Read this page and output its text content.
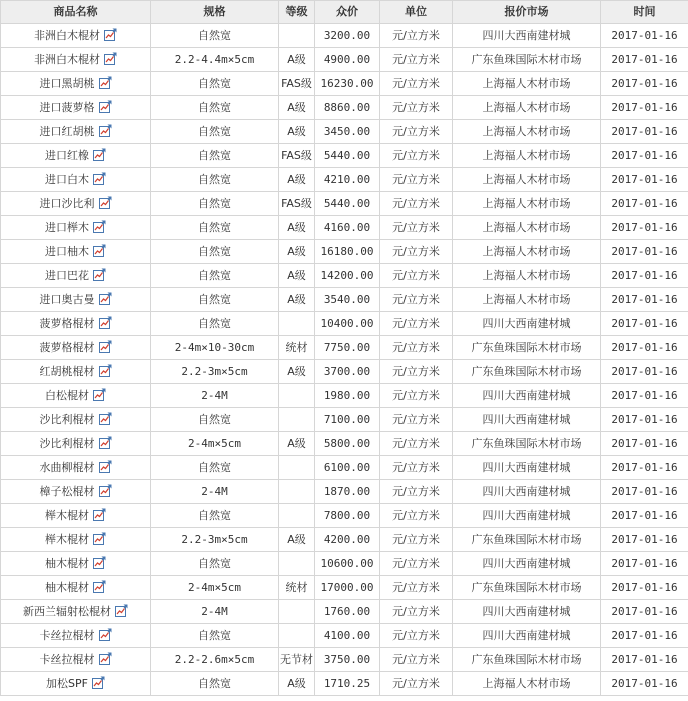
商品名称	规格	等级	众价	单位	报价市场	时间
非洲白木棍材	自然宽		3200.00	元/立方米	四川大西南建材城	2017-01-16
非洲白木棍材	2.2-4.4m×5cm	A级	4900.00	元/立方米	广东鱼珠国际木材市场	2017-01-16
进口黑胡桃	自然宽	FAS级	16230.00	元/立方米	上海福人木材市场	2017-01-16
进口菠萝格	自然宽	A级	8860.00	元/立方米	上海福人木材市场	2017-01-16
进口红胡桃	自然宽	A级	3450.00	元/立方米	上海福人木材市场	2017-01-16
进口红橡	自然宽	FAS级	5440.00	元/立方米	上海福人木材市场	2017-01-16
进口白木	自然宽	A级	4210.00	元/立方米	上海福人木材市场	2017-01-16
进口沙比利	自然宽	FAS级	5440.00	元/立方米	上海福人木材市场	2017-01-16
进口榉木	自然宽	A级	4160.00	元/立方米	上海福人木材市场	2017-01-16
进口柚木	自然宽	A级	16180.00	元/立方米	上海福人木材市场	2017-01-16
进口巴花	自然宽	A级	14200.00	元/立方米	上海福人木材市场	2017-01-16
进口奥古曼	自然宽	A级	3540.00	元/立方米	上海福人木材市场	2017-01-16
菠萝格棍材	自然宽		10400.00	元/立方米	四川大西南建材城	2017-01-16
菠萝格棍材	2-4m×10-30cm	统材	7750.00	元/立方米	广东鱼珠国际木材市场	2017-01-16
红胡桃棍材	2.2-3m×5cm	A级	3700.00	元/立方米	广东鱼珠国际木材市场	2017-01-16
白松棍材	2-4M		1980.00	元/立方米	四川大西南建材城	2017-01-16
沙比利棍材	自然宽		7100.00	元/立方米	四川大西南建材城	2017-01-16
沙比利棍材	2-4m×5cm	A级	5800.00	元/立方米	广东鱼珠国际木材市场	2017-01-16
水曲柳棍材	自然宽		6100.00	元/立方米	四川大西南建材城	2017-01-16
樟子松棍材	2-4M		1870.00	元/立方米	四川大西南建材城	2017-01-16
榉木棍材	自然宽		7800.00	元/立方米	四川大西南建材城	2017-01-16
榉木棍材	2.2-3m×5cm	A级	4200.00	元/立方米	广东鱼珠国际木材市场	2017-01-16
柚木棍材	自然宽		10600.00	元/立方米	四川大西南建材城	2017-01-16
柚木棍材	2-4m×5cm	统材	17000.00	元/立方米	广东鱼珠国际木材市场	2017-01-16
新西兰辐射松棍材	2-4M		1760.00	元/立方米	四川大西南建材城	2017-01-16
卡丝拉棍材	自然宽		4100.00	元/立方米	四川大西南建材城	2017-01-16
卡丝拉棍材	2.2-2.6m×5cm	无节材	3750.00	元/立方米	广东鱼珠国际木材市场	2017-01-16
加松SPF	自然宽	A级	1710.25	元/立方米	上海福人木材市场	2017-01-16
